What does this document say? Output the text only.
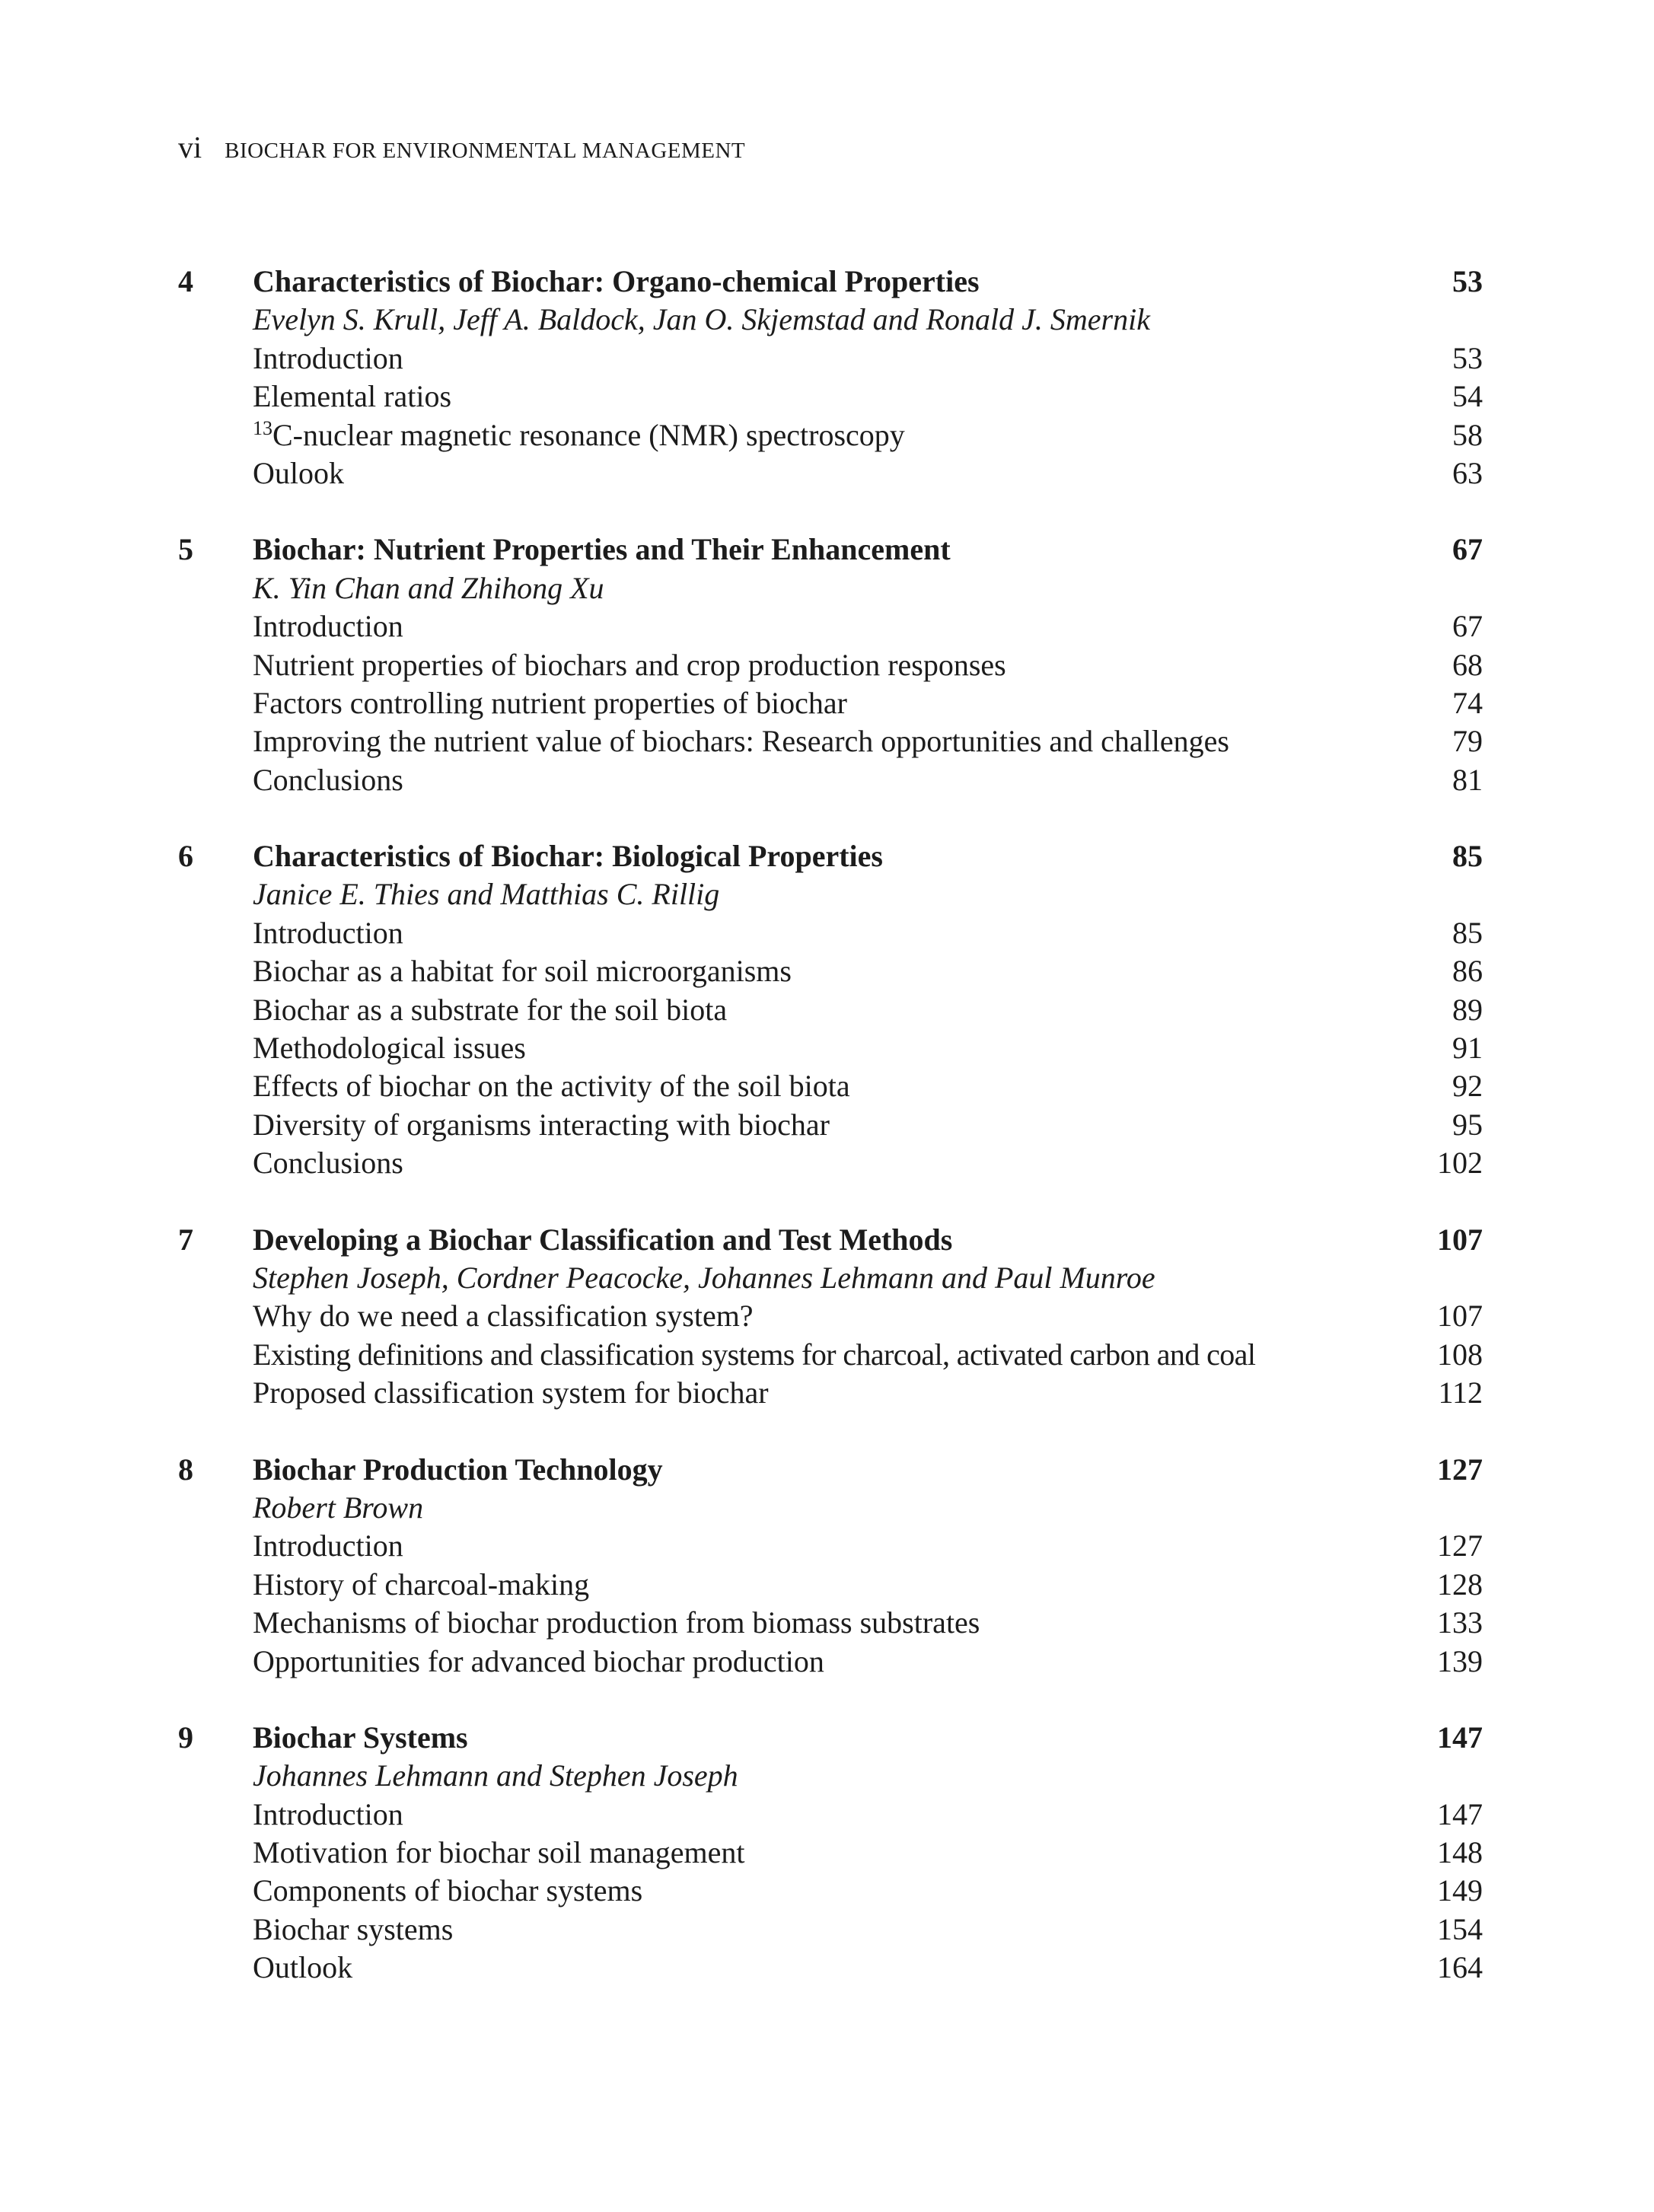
vi BIOCHAR FOR ENVIRONMENTAL MANAGEMENT
4 Characteristics of Biochar: Organo-chemical Properties	53
Evelyn S. Krull, Jeff A. Baldock, Jan O. Skjemstad and Ronald J. Smernik
Introduction	53
Elemental ratios	54
$^{13}$C-nuclear magnetic resonance (NMR) spectroscopy	58
Oulook	63
5 Biochar: Nutrient Properties and Their Enhancement	67
K. Yin Chan and Zhihong Xu
Introduction	67
Nutrient properties of biochars and crop production responses	68
Factors controlling nutrient properties of biochar	74
Improving the nutrient value of biochars: Research opportunities and challenges	79
Conclusions	81
6 Characteristics of Biochar: Biological Properties	85
Janice E. Thies and Matthias C. Rillig
Introduction	85
Biochar as a habitat for soil microorganisms	86
Biochar as a substrate for the soil biota	89
Methodological issues	91
Effects of biochar on the activity of the soil biota	92
Diversity of organisms interacting with biochar	95
Conclusions	102
7 Developing a Biochar Classification and Test Methods	107
Stephen Joseph, Cordner Peacocke, Johannes Lehmann and Paul Munroe
Why do we need a classification system?	107
Existing definitions and classification systems for charcoal, activated carbon and coal	108
Proposed classification system for biochar	112
8 Biochar Production Technology	127
Robert Brown
Introduction	127
History of charcoal-making	128
Mechanisms of biochar production from biomass substrates	133
Opportunities for advanced biochar production	139
9 Biochar Systems	147
Johannes Lehmann and Stephen Joseph
Introduction	147
Motivation for biochar soil management	148
Components of biochar systems	149
Biochar systems	154
Outlook	164
